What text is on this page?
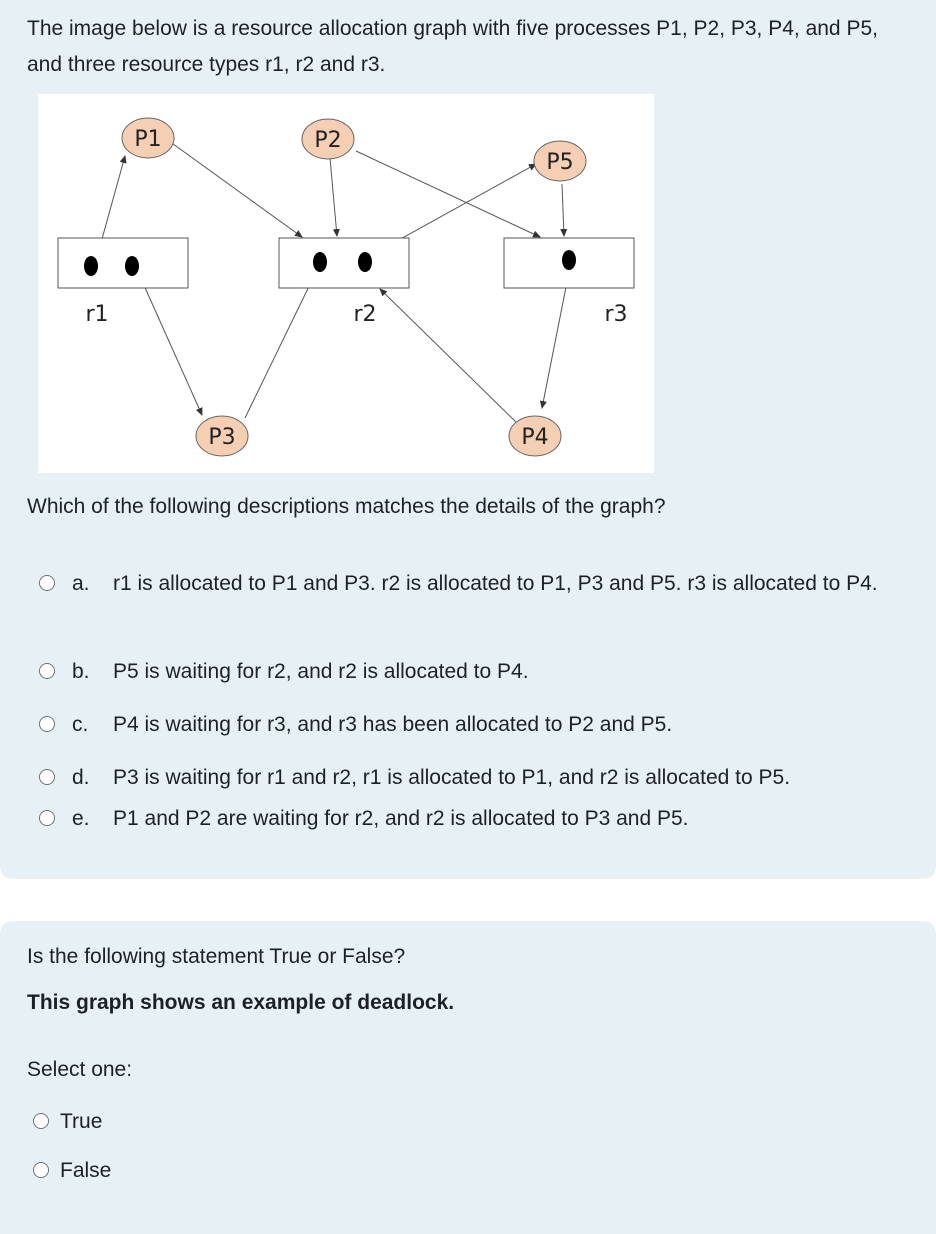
The image below is a resource allocation graph with five processes P1, P2, P3, P4, and P5, and three resource types r1, r2 and r3.
P1	P2
P5
P3	P4
r1	r2	r3
Which of the following descriptions matches the details of the graph?
a. r1 is allocated to P1 and P3. r2 is allocated to P1, P3 and P5. r3 is allocated to P4.
b. P5 is waiting for r2, and r2 is allocated to P4.
c. P4 is waiting for r3, and r3 has been allocated to P2 and P5.
d. P3 is waiting for r1 and r2, r1 is allocated to P1, and r2 is allocated to P5.
e. P1 and P2 are waiting for r2, and r2 is allocated to P3 and P5.
Is the following statement True or False?
This graph shows an example of deadlock.
Select one:
True
False
